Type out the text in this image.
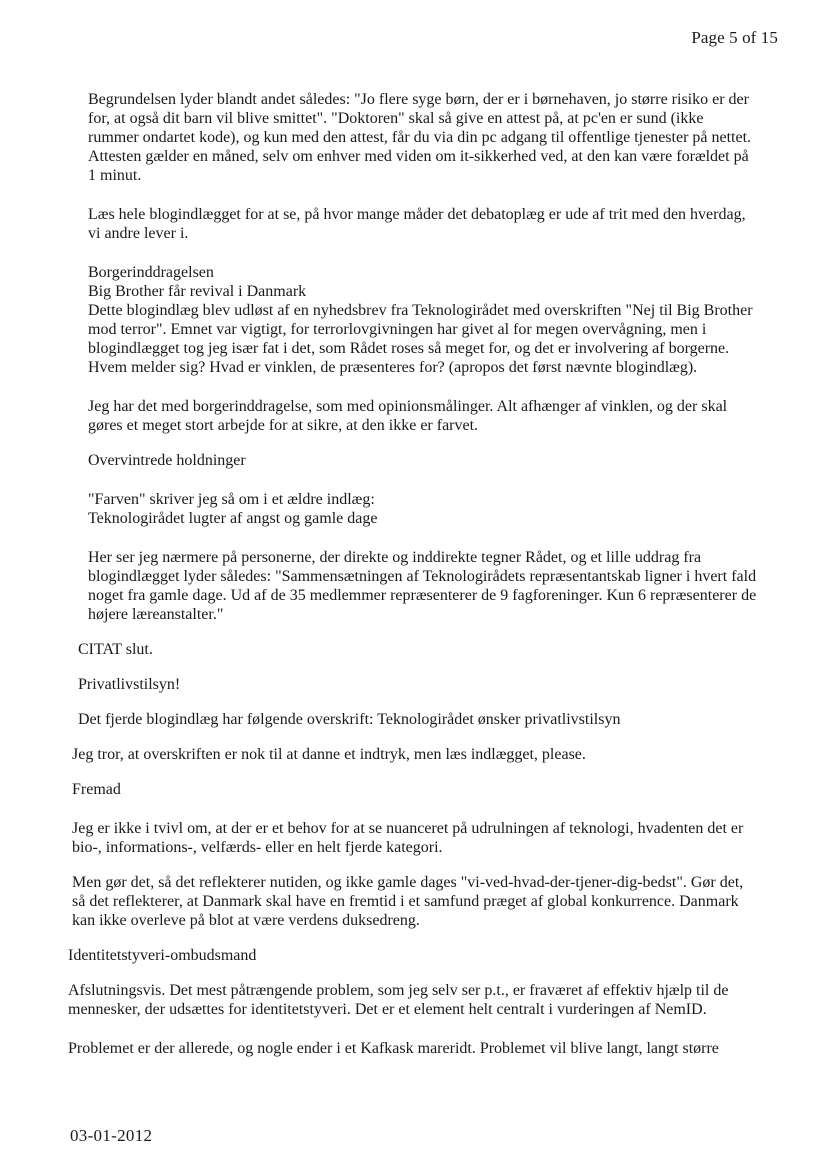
Page 5 of 15

Begrundelsen lyder blandt andet således: "Jo flere syge børn, der er i børnehaven, jo større risiko er der for, at også dit barn vil blive smittet". "Doktoren" skal så give en attest på, at pc'en er sund (ikke rummer ondartet kode), og kun med den attest, får du via din pc adgang til offentlige tjenester på nettet. Attesten gælder en måned, selv om enhver med viden om it-sikkerhed ved, at den kan være forældet på 1 minut.

Læs hele blogindlægget for at se, på hvor mange måder det debatoplæg er ude af trit med den hverdag, vi andre lever i.

Borgerinddragelsen

Big Brother får revival i Danmark

Dette blogindlæg blev udløst af en nyhedsbrev fra Teknologirådet med overskriften "Nej til Big Brother mod terror". Emnet var vigtigt, for terrorlovgivningen har givet al for megen overvågning, men i blogindlægget tog jeg især fat i det, som Rådet roses så meget for, og det er involvering af borgerne. Hvem melder sig? Hvad er vinklen, de præsenteres for? (apropos det først nævnte blogindlæg).

Jeg har det med borgerinddragelse, som med opinionsmålinger. Alt afhænger af vinklen, og der skal gøres et meget stort arbejde for at sikre, at den ikke er farvet.

Overvintrede holdninger

"Farven" skriver jeg så om i et ældre indlæg:

Teknologirådet lugter af angst og gamle dage

Her ser jeg nærmere på personerne, der direkte og inddirekte tegner Rådet, og et lille uddrag fra blogindlægget lyder således: "Sammensætningen af Teknologirådets repræsentantskab ligner i hvert fald noget fra gamle dage. Ud af de 35 medlemmer repræsenterer de 9 fagforeninger. Kun 6 repræsenterer de højere læreanstalter."

CITAT slut.

Privatlivstilsyn!

Det fjerde blogindlæg har følgende overskrift: Teknologirådet ønsker privatlivstilsyn

Jeg tror, at overskriften er nok til at danne et indtryk, men læs indlægget, please.

Fremad

Jeg er ikke i tvivl om, at der er et behov for at se nuanceret på udrulningen af teknologi, hvadenten det er bio-, informations-, velfærds- eller en helt fjerde kategori.

Men gør det, så det reflekterer nutiden, og ikke gamle dages "vi-ved-hvad-der-tjener-dig-bedst". Gør det, så det reflekterer, at Danmark skal have en fremtid i et samfund præget af global konkurrence. Danmark kan ikke overleve på blot at være verdens duksedreng.

Identitetstyveri-ombudsmand

Afslutningsvis. Det mest påtrængende problem, som jeg selv ser p.t., er fraværet af effektiv hjælp til de mennesker, der udsættes for identitetstyveri. Det er et element helt centralt i vurderingen af NemID.

Problemet er der allerede, og nogle ender i et Kafkask mareridt. Problemet vil blive langt, langt større

03-01-2012
